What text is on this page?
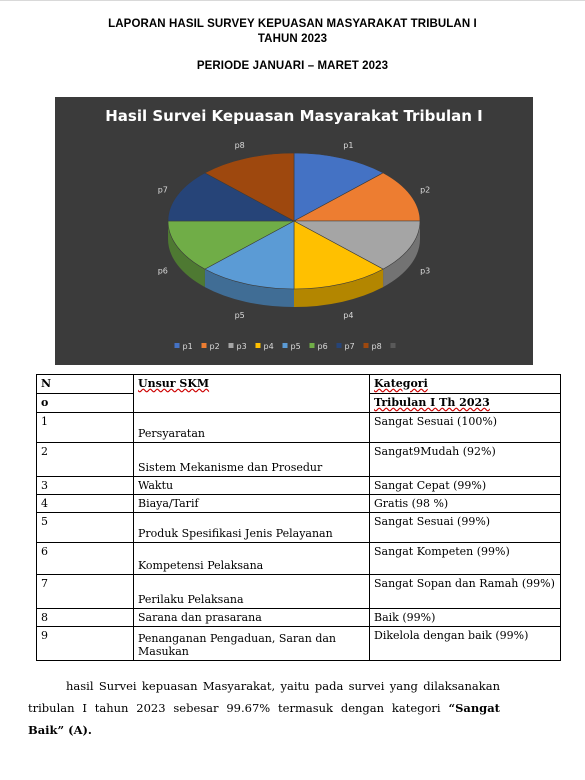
LAPORAN HASIL SURVEY KEPUASAN MASYARAKAT TRIBULAN I
TAHUN 2023
PERIODE JANUARI – MARET 2023
Hasil Survei Kepuasan Masyarakat Tribulan I
p1
p2
p3
p4
p5
p6
p7
p8
p1 p2 p3 p4 p5 p6 p7 p8
N	Unsur SKM	Kategori
o		Tribulan I Th 2023
1	Persyaratan	Sangat Sesuai (100%)
2	Sistem Mekanisme dan Prosedur	Sangat9Mudah (92%)
3	Waktu	Sangat Cepat (99%)
4	Biaya/Tarif	Gratis (98 %)
5	Produk Spesifikasi Jenis Pelayanan	Sangat Sesuai (99%)
6	Kompetensi Pelaksana	Sangat Kompeten (99%)
7	Perilaku Pelaksana	Sangat Sopan dan Ramah (99%)
8	Sarana dan prasarana	Baik (99%)
9	Penanganan Pengaduan, Saran dan Masukan	Dikelola dengan baik (99%)
hasil Survei kepuasan Masyarakat, yaitu pada survei yang dilaksanakan tribulan I tahun 2023 sebesar 99.67% termasuk dengan kategori “Sangat Baik” (A).
